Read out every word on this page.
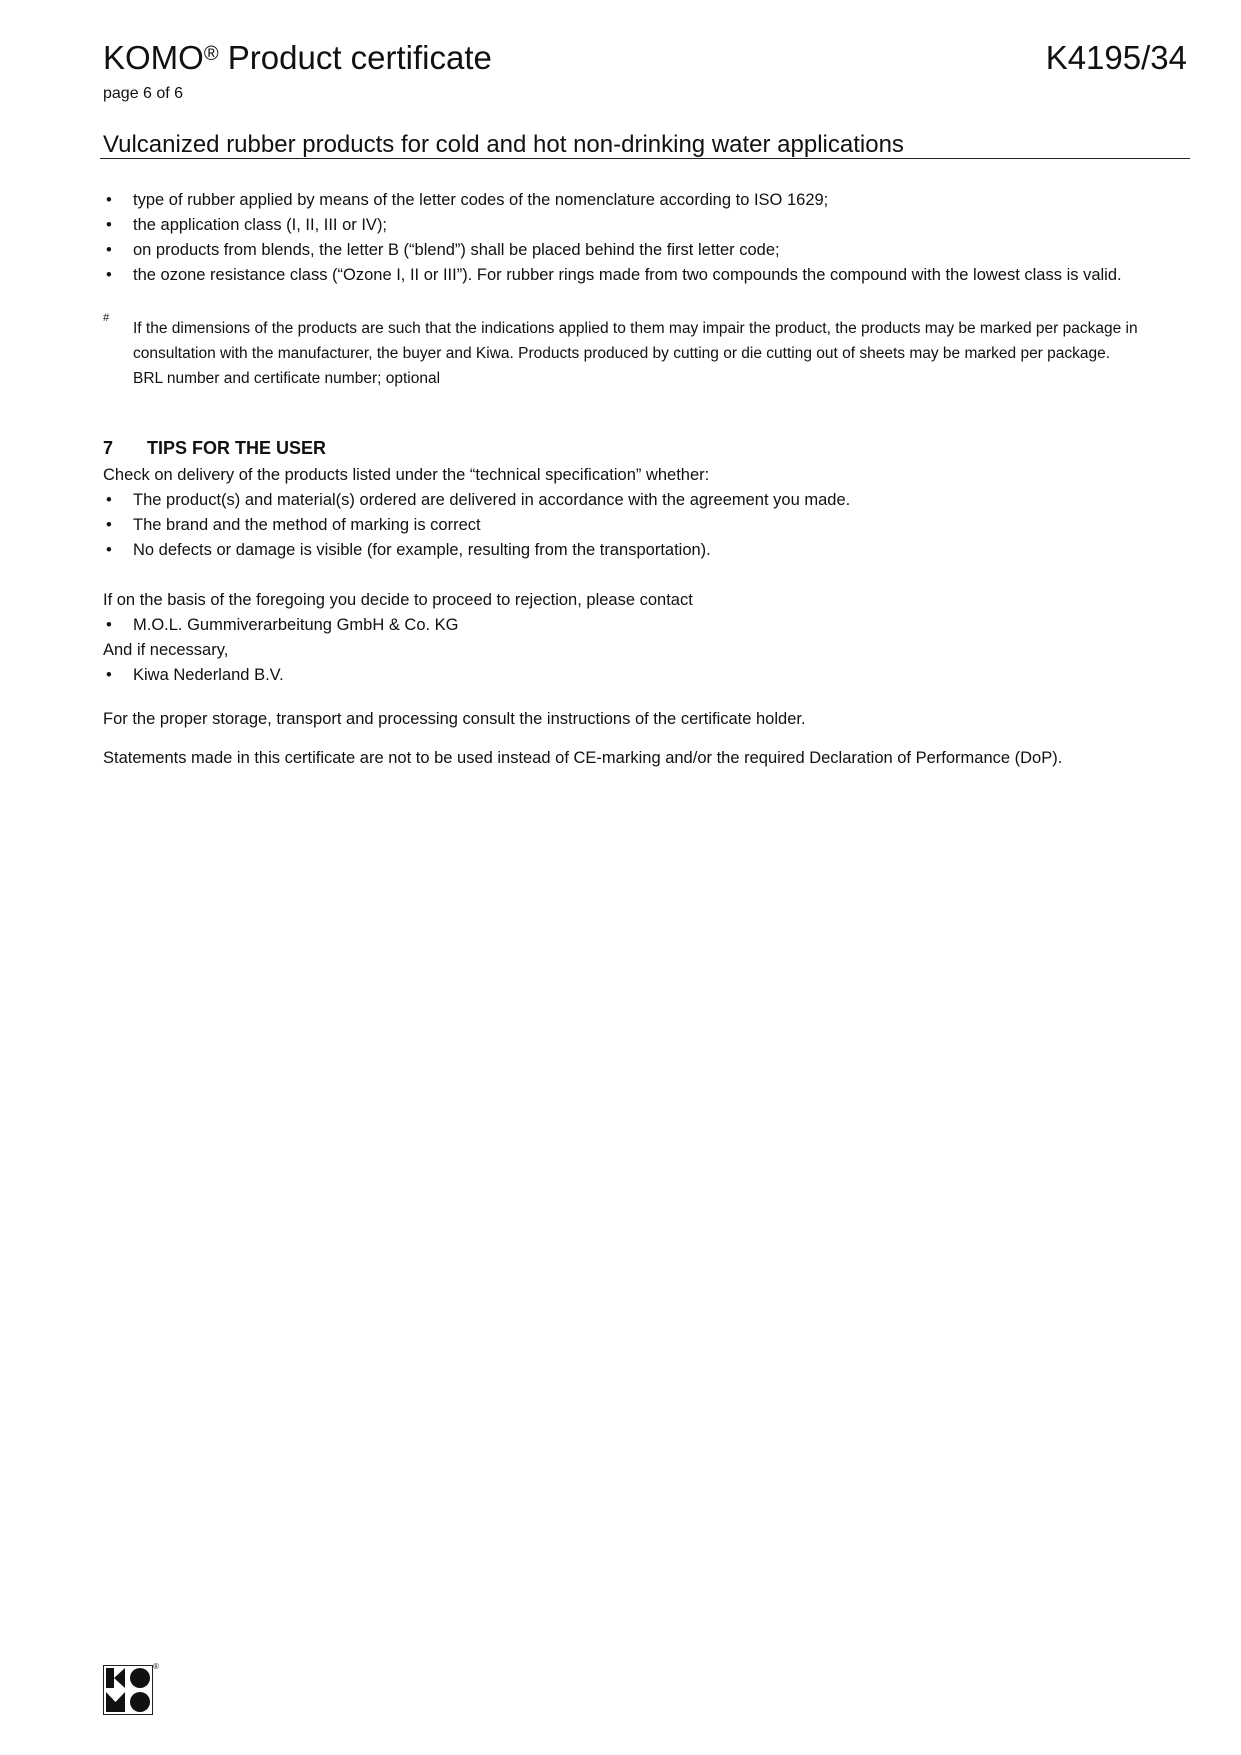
KOMO® Product certificate	K4195/34
page 6 of 6
Vulcanized rubber products for cold and hot non-drinking water applications
• type of rubber applied by means of the letter codes of the nomenclature according to ISO 1629;
• the application class (I, II, III or IV);
• on products from blends, the letter B (“blend”) shall be placed behind the first letter code;
• the ozone resistance class (“Ozone I, II or III”). For rubber rings made from two compounds the compound with the lowest class is valid.
#
If the dimensions of the products are such that the indications applied to them may impair the product, the products may be marked per package in
consultation with the manufacturer, the buyer and Kiwa. Products produced by cutting or die cutting out of sheets may be marked per package.
BRL number and certificate number; optional
7 TIPS FOR THE USER
Check on delivery of the products listed under the “technical specification” whether:
• The product(s) and material(s) ordered are delivered in accordance with the agreement you made.
• The brand and the method of marking is correct
• No defects or damage is visible (for example, resulting from the transportation).
If on the basis of the foregoing you decide to proceed to rejection, please contact
• M.O.L. Gummiverarbeitung GmbH & Co. KG
And if necessary,
• Kiwa Nederland B.V.
For the proper storage, transport and processing consult the instructions of the certificate holder.
Statements made in this certificate are not to be used instead of CE-marking and/or the required Declaration of Performance (DoP).
®
